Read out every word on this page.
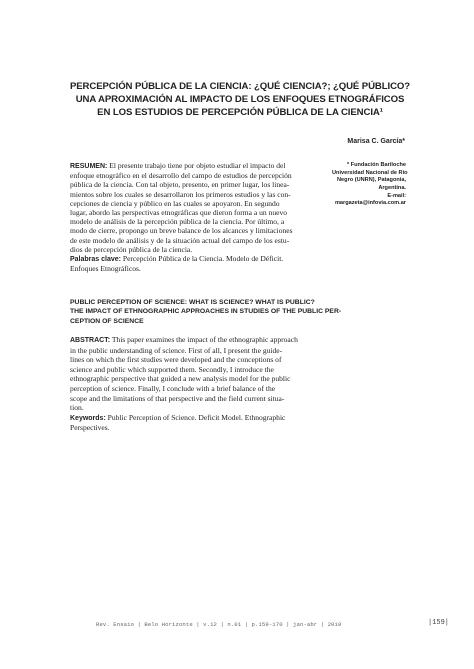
PERCEPCIÓN PÚBLICA DE LA CIENCIA: ¿QUÉ CIENCIA?; ¿QUÉ PÚBLICO?
UNA APROXIMACIÓN AL IMPACTO DE LOS ENFOQUES ETNOGRÁFICOS
EN LOS ESTUDIOS DE PERCEPCIÓN PÚBLICA DE LA CIENCIA¹
Marisa C. García*
* Fundación Bariloche
Universidad Nacional de Río
Negro (UNRN), Patagonia,
Argentina.
E-mail:
margazeta@infovia.com.ar
RESUMEN: El presente trabajo tiene por objeto estudiar el impacto del
enfoque etnográfico en el desarrollo del campo de estudios de percepción
pública de la ciencia. Con tal objeto, presento, en primer lugar, los linea-
mientos sobre los cuales se desarrollaron los primeros estudios y las con-
cepciones de ciencia y público en las cuales se apoyaron. En segundo
lugar, abordo las perspectivas etnográficas que dieron forma a un nuevo
modelo de análisis de la percepción pública de la ciencia. Por último, a
modo de cierre, propongo un breve balance de los alcances y limitaciones
de este modelo de análisis y de la situación actual del campo de los estu-
dios de percepción pública de la ciencia.
Palabras clave: Percepción Pública de la Ciencia. Modelo de Déficit.
Enfoques Etnográficos.
PUBLIC PERCEPTION OF SCIENCE: WHAT IS SCIENCE? WHAT IS PUBLIC?
THE IMPACT OF ETHNOGRAPHIC APPROACHES IN STUDIES OF THE PUBLIC PER-
CEPTION OF SCIENCE
ABSTRACT: This paper examines the impact of the ethnographic approach
in the public understanding of science. First of all, I present the guide-
lines on which the first studies were developed and the conceptions of
science and public which supported them. Secondly, I introduce the
ethnographic perspective that guided a new analysis model for the public
perception of science. Finally, I conclude with a brief balance of the
scope and the limitations of that perspective and the field current situa-
tion.
Keywords: Public Perception of Science. Deficit Model. Ethnographic
Perspectives.
Rev. Ensaio | Belo Horizonte | v.12 | n.01 | p.159-170 | jan-abr | 2010	|159|
